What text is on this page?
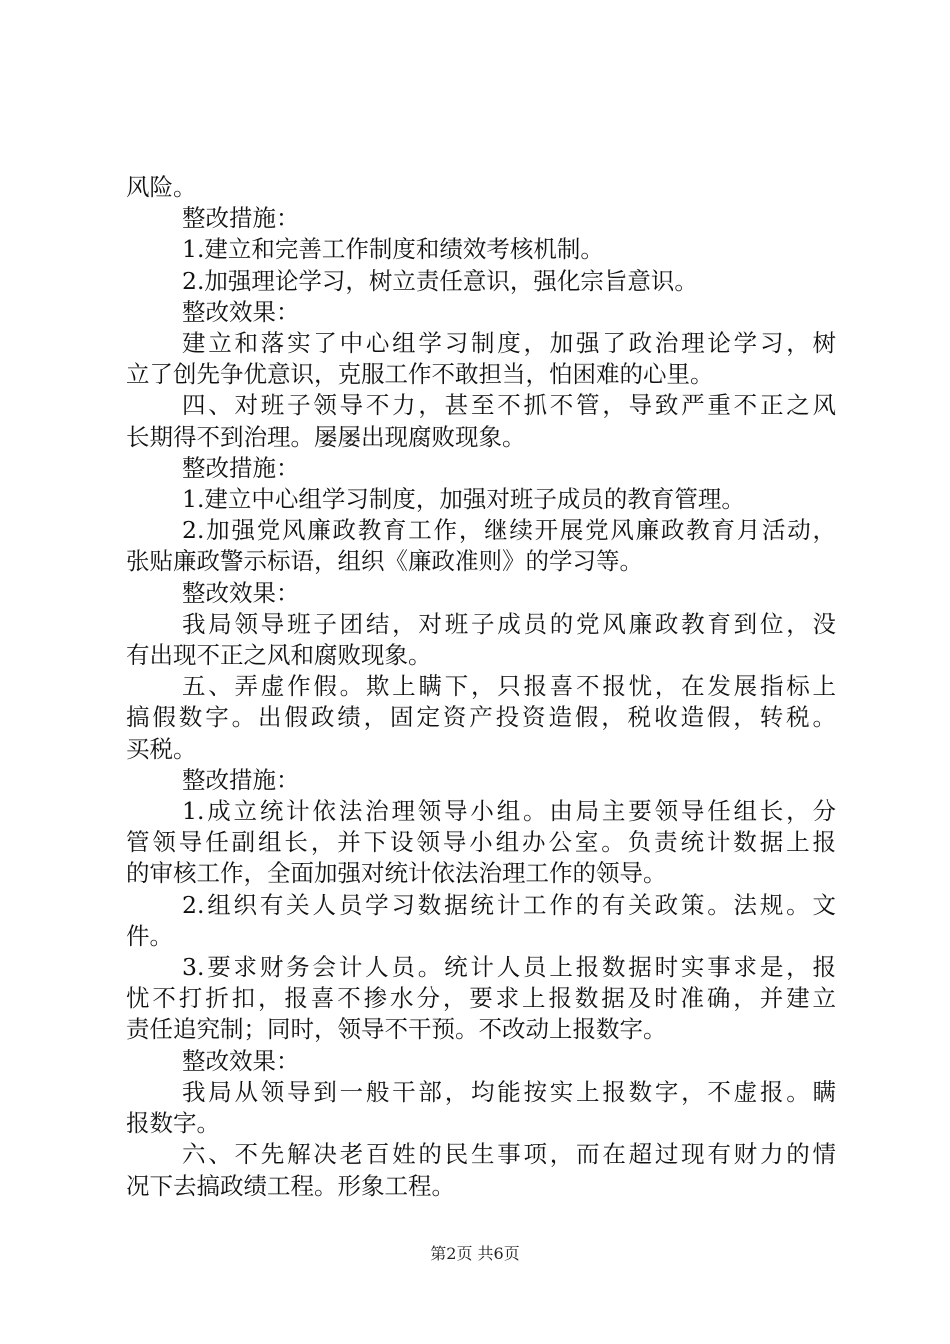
风险。
整改措施：
1.建立和完善工作制度和绩效考核机制。
2.加强理论学习，树立责任意识，强化宗旨意识。
整改效果：
建立和落实了中心组学习制度，加强了政治理论学习，树
立了创先争优意识，克服工作不敢担当，怕困难的心里。
四、对班子领导不力，甚至不抓不管，导致严重不正之风
长期得不到治理。屡屡出现腐败现象。
整改措施：
1.建立中心组学习制度，加强对班子成员的教育管理。
2.加强党风廉政教育工作，继续开展党风廉政教育月活动，
张贴廉政警示标语，组织《廉政准则》的学习等。
整改效果：
我局领导班子团结，对班子成员的党风廉政教育到位，没
有出现不正之风和腐败现象。
五、弄虚作假。欺上瞒下，只报喜不报忧，在发展指标上
搞假数字。出假政绩，固定资产投资造假，税收造假，转税。
买税。
整改措施：
1.成立统计依法治理领导小组。由局主要领导任组长，分
管领导任副组长，并下设领导小组办公室。负责统计数据上报
的审核工作，全面加强对统计依法治理工作的领导。
2.组织有关人员学习数据统计工作的有关政策。法规。文
件。
3.要求财务会计人员。统计人员上报数据时实事求是，报
忧不打折扣，报喜不掺水分，要求上报数据及时准确，并建立
责任追究制；同时，领导不干预。不改动上报数字。
整改效果：
我局从领导到一般干部，均能按实上报数字，不虚报。瞒
报数字。
六、不先解决老百姓的民生事项，而在超过现有财力的情
况下去搞政绩工程。形象工程。
第2页 共6页
